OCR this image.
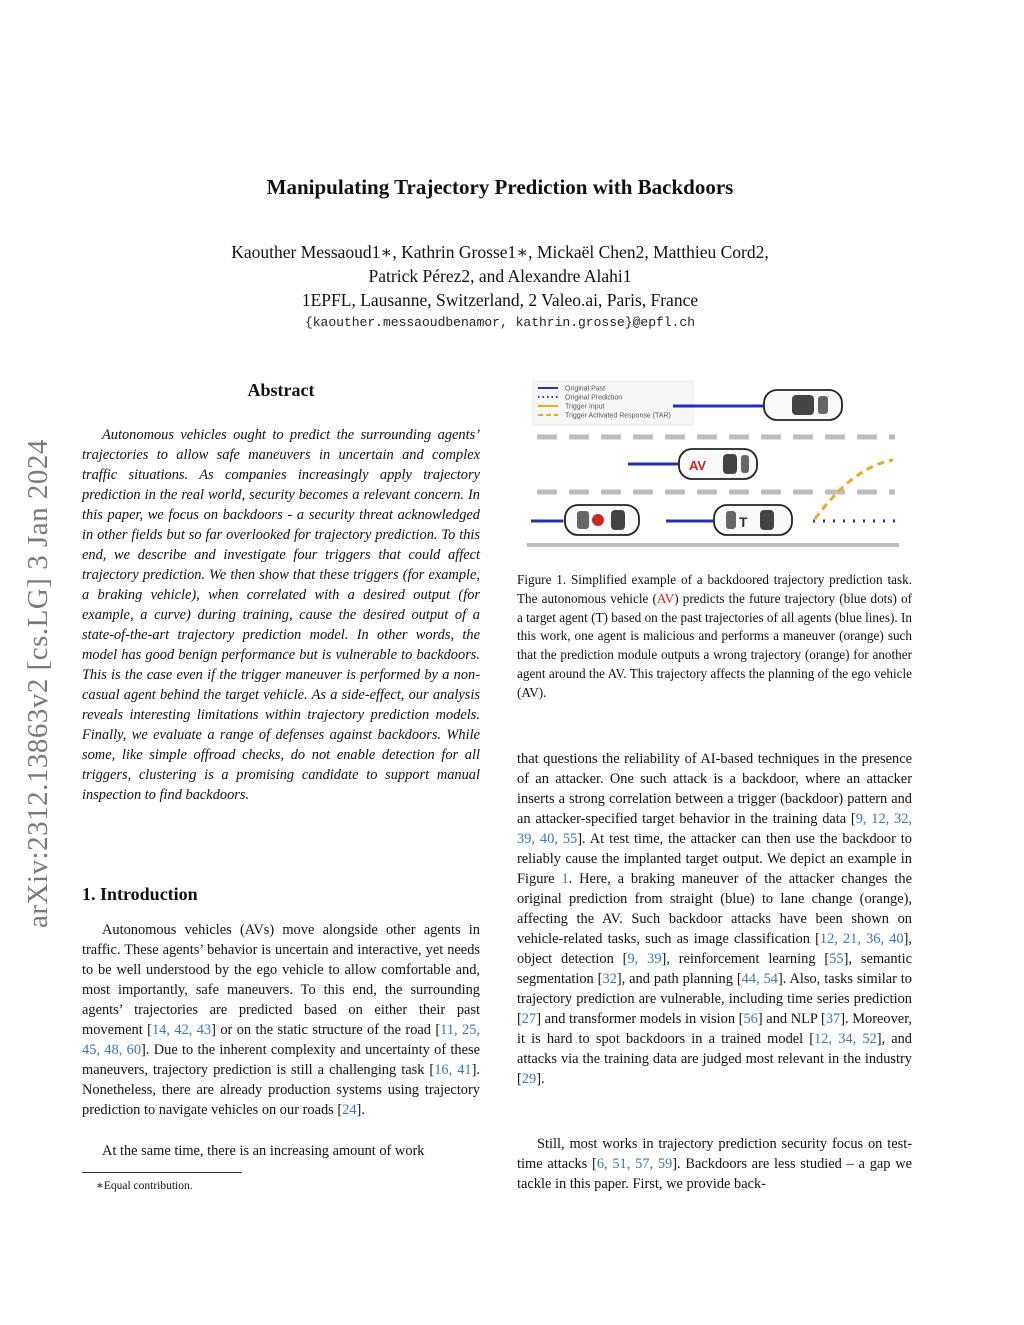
Manipulating Trajectory Prediction with Backdoors
Kaouther Messaoud1∗, Kathrin Grosse1∗, Mickaël Chen2, Matthieu Cord2,
Patrick Pérez2, and Alexandre Alahi1
1EPFL, Lausanne, Switzerland, 2 Valeo.ai, Paris, France
{kaouther.messaoudbenamor, kathrin.grosse}@epfl.ch
arXiv:2312.13863v2 [cs.LG] 3 Jan 2024
Abstract
Autonomous vehicles ought to predict the surrounding agents’ trajectories to allow safe maneuvers in uncertain and complex traffic situations. As companies increasingly apply trajectory prediction in the real world, security becomes a relevant concern. In this paper, we focus on backdoors - a security threat acknowledged in other fields but so far overlooked for trajectory prediction. To this end, we describe and investigate four triggers that could affect trajectory prediction. We then show that these triggers (for example, a braking vehicle), when correlated with a desired output (for example, a curve) during training, cause the desired output of a state-of-the-art trajectory prediction model. In other words, the model has good benign performance but is vulnerable to backdoors. This is the case even if the trigger maneuver is performed by a non-casual agent behind the target vehicle. As a side-effect, our analysis reveals interesting limitations within trajectory prediction models. Finally, we evaluate a range of defenses against backdoors. While some, like simple offroad checks, do not enable detection for all triggers, clustering is a promising candidate to support manual inspection to find backdoors.
1. Introduction
Autonomous vehicles (AVs) move alongside other agents in traffic. These agents’ behavior is uncertain and interactive, yet needs to be well understood by the ego vehicle to allow comfortable and, most importantly, safe maneuvers. To this end, the surrounding agents’ trajectories are predicted based on either their past movement [14, 42, 43] or on the static structure of the road [11, 25, 45, 48, 60]. Due to the inherent complexity and uncertainty of these maneuvers, trajectory prediction is still a challenging task [16, 41]. Nonetheless, there are already production systems using trajectory prediction to navigate vehicles on our roads [24].
At the same time, there is an increasing amount of work
∗Equal contribution.
Original Past
Original Prediction
Trigger Input
Trigger Activated Response (TAR)
AV
T
Figure 1. Simplified example of a backdoored trajectory prediction task. The autonomous vehicle (AV) predicts the future trajectory (blue dots) of a target agent (T) based on the past trajectories of all agents (blue lines). In this work, one agent is malicious and performs a maneuver (orange) such that the prediction module outputs a wrong trajectory (orange) for another agent around the AV. This trajectory affects the planning of the ego vehicle (AV).
that questions the reliability of AI-based techniques in the presence of an attacker. One such attack is a backdoor, where an attacker inserts a strong correlation between a trigger (backdoor) pattern and an attacker-specified target behavior in the training data [9, 12, 32, 39, 40, 55]. At test time, the attacker can then use the backdoor to reliably cause the implanted target output. We depict an example in Figure 1. Here, a braking maneuver of the attacker changes the original prediction from straight (blue) to lane change (orange), affecting the AV. Such backdoor attacks have been shown on vehicle-related tasks, such as image classification [12, 21, 36, 40], object detection [9, 39], reinforcement learning [55], semantic segmentation [32], and path planning [44, 54]. Also, tasks similar to trajectory prediction are vulnerable, including time series prediction [27] and transformer models in vision [56] and NLP [37]. Moreover, it is hard to spot backdoors in a trained model [12, 34, 52], and attacks via the training data are judged most relevant in the industry [29].
Still, most works in trajectory prediction security focus on test-time attacks [6, 51, 57, 59]. Backdoors are less studied – a gap we tackle in this paper. First, we provide back-
